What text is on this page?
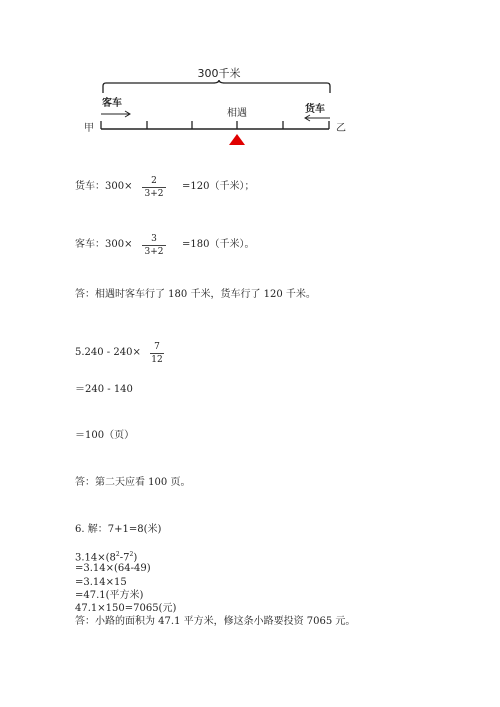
300千米
客车
货车
相遇
甲	乙
货车：300×	2
3+2
=120（千米）；
客车：300×	3
3+2
=180（千米）。
答：相遇时客车行了 180 千米，货车行了 120 千米。
5.240 - 240×	7
12
＝240 - 140
＝100（页）
答：第二天应看 100 页。
6. 解：7+1=8(米)
$3.14\times(8^2-7^2)$
=3.14×(64-49)
=3.14×15
=47.1(平方米)
47.1×150=7065(元)
答：小路的面积为 47.1 平方米，修这条小路要投资 7065 元。
